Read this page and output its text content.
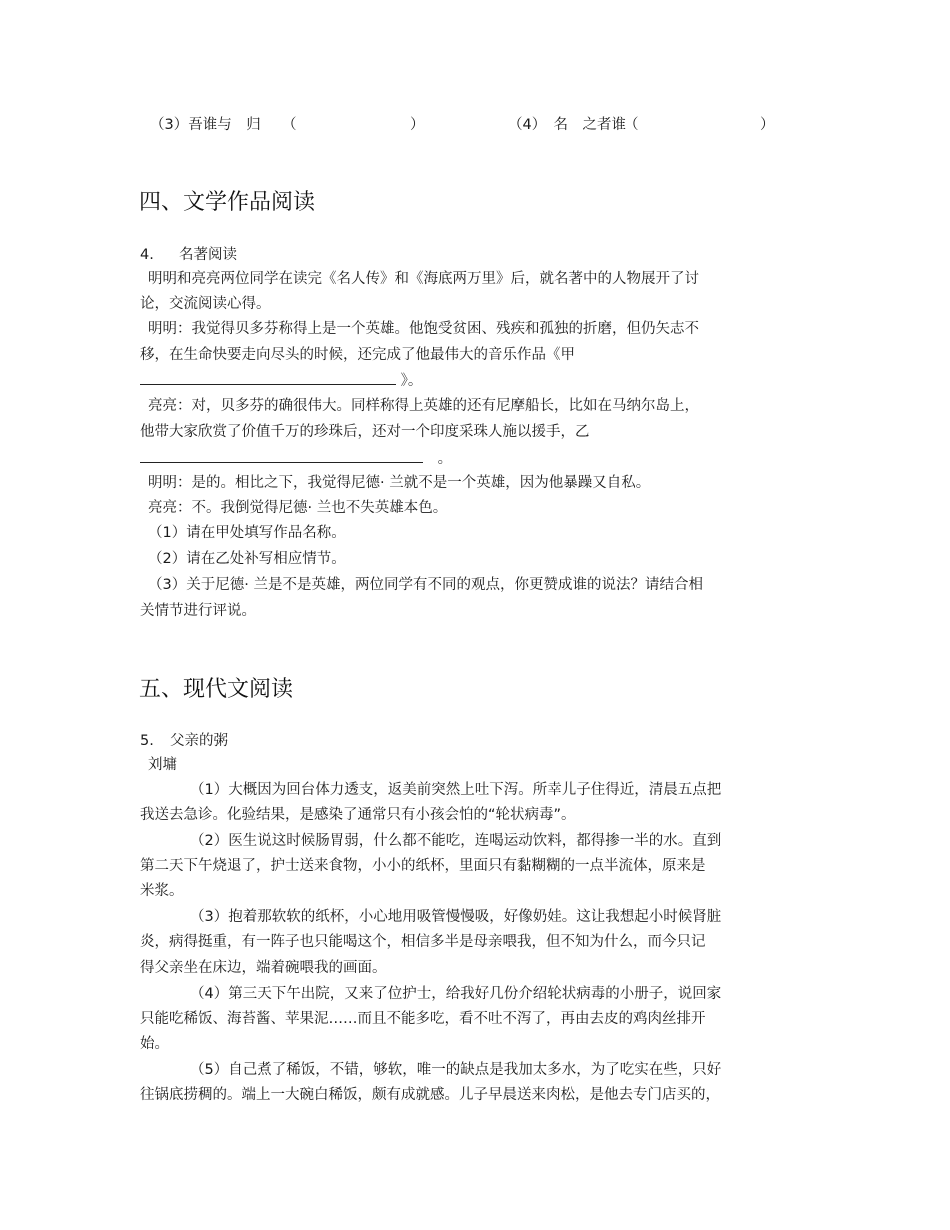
（3）吾谁与　归 （	）	（4）　名　之者谁
（	）
四、文学作品阅读
4. 名著阅读
明明和亮亮两位同学在读完《名人传》和《海底两万里》后，就名著中的人物展开了讨
论，交流阅读心得。
明明：我觉得贝多芬称得上是一个英雄。他饱受贫困、残疾和孤独的折磨，但仍矢志不
移，在生命快要走向尽头的时候，还完成了他最伟大的音乐作品《甲
》。
亮亮：对，贝多芬的确很伟大。同样称得上英雄的还有尼摩船长，比如在马纳尔岛上，
他带大家欣赏了价值千万的珍珠后，还对一个印度采珠人施以援手，乙
。
明明：是的。相比之下，我觉得尼德· 兰就不是一个英雄，因为他暴躁又自私。
亮亮：不。我倒觉得尼德· 兰也不失英雄本色。
（1）请在甲处填写作品名称。
（2）请在乙处补写相应情节。
（3）关于尼德· 兰是不是英雄，两位同学有不同的观点，你更赞成谁的说法？请结合相
关情节进行评说。
五、现代文阅读
5. 父亲的粥
刘墉
（1）大概因为回台体力透支，返美前突然上吐下泻。所幸儿子住得近，清晨五点把
我送去急诊。化验结果，是感染了通常只有小孩会怕的“轮状病毒”。
（2）医生说这时候肠胃弱，什么都不能吃，连喝运动饮料，都得掺一半的水。直到
第二天下午烧退了，护士送来食物，小小的纸杯，里面只有黏糊糊的一点半流体，原来是
米浆。
（3）抱着那软软的纸杯，小心地用吸管慢慢吸，好像奶娃。这让我想起小时候肾脏
炎，病得挺重，有一阵子也只能喝这个，相信多半是母亲喂我，但不知为什么，而今只记
得父亲坐在床边，端着碗喂我的画面。
（4）第三天下午出院，又来了位护士，给我好几份介绍轮状病毒的小册子，说回家
只能吃稀饭、海苔酱、苹果泥……而且不能多吃，看不吐不泻了，再由去皮的鸡肉丝排开
始。
（5）自己煮了稀饭，不错，够软，唯一的缺点是我加太多水，为了吃实在些，只好
往锅底捞稠的。端上一大碗白稀饭，颇有成就感。儿子早晨送来肉松，是他去专门店买的，
